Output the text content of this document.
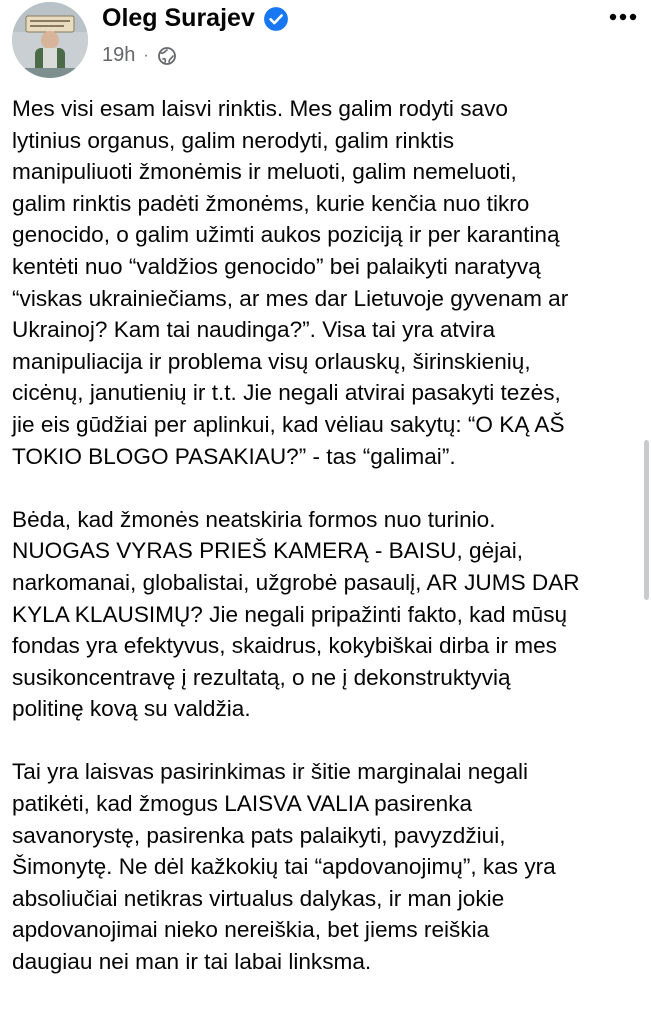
Oleg Surajev
19h ·

Mes visi esam laisvi rinktis. Mes galim rodyti savo
lytinius organus, galim nerodyti, galim rinktis
manipuliuoti žmonėmis ir meluoti, galim nemeluoti,
galim rinktis padėti žmonėms, kurie kenčia nuo tikro
genocido, o galim užimti aukos poziciją ir per karantiną
kentėti nuo “valdžios genocido” bei palaikyti naratyvą
“viskas ukrainiečiams, ar mes dar Lietuvoje gyvenam ar
Ukrainoj? Kam tai naudinga?”. Visa tai yra atvira
manipuliacija ir problema visų orlauskų, širinskienių,
cicėnų, janutienių ir t.t. Jie negali atvirai pasakyti tezės,
jie eis gūdžiai per aplinkui, kad vėliau sakytų: “O KĄ AŠ
TOKIO BLOGO PASAKIAU?” - tas “galimai”.

Bėda, kad žmonės neatskiria formos nuo turinio.
NUOGAS VYRAS PRIEŠ KAMERĄ - BAISU, gėjai,
narkomanai, globalistai, užgrobė pasaulį, AR JUMS DAR
KYLA KLAUSIMŲ? Jie negali pripažinti fakto, kad mūsų
fondas yra efektyvus, skaidrus, kokybiškai dirba ir mes
susikoncentravę į rezultatą, o ne į dekonstruktyvią
politinę kovą su valdžia.

Tai yra laisvas pasirinkimas ir šitie marginalai negali
patikėti, kad žmogus LAISVA VALIA pasirenka
savanorystę, pasirenka pats palaikyti, pavyzdžiui,
Šimonytę. Ne dėl kažkokių tai “apdovanojimų”, kas yra
absoliučiai netikras virtualus dalykas, ir man jokie
apdovanojimai nieko nereiškia, bet jiems reiškia
daugiau nei man ir tai labai linksma.
